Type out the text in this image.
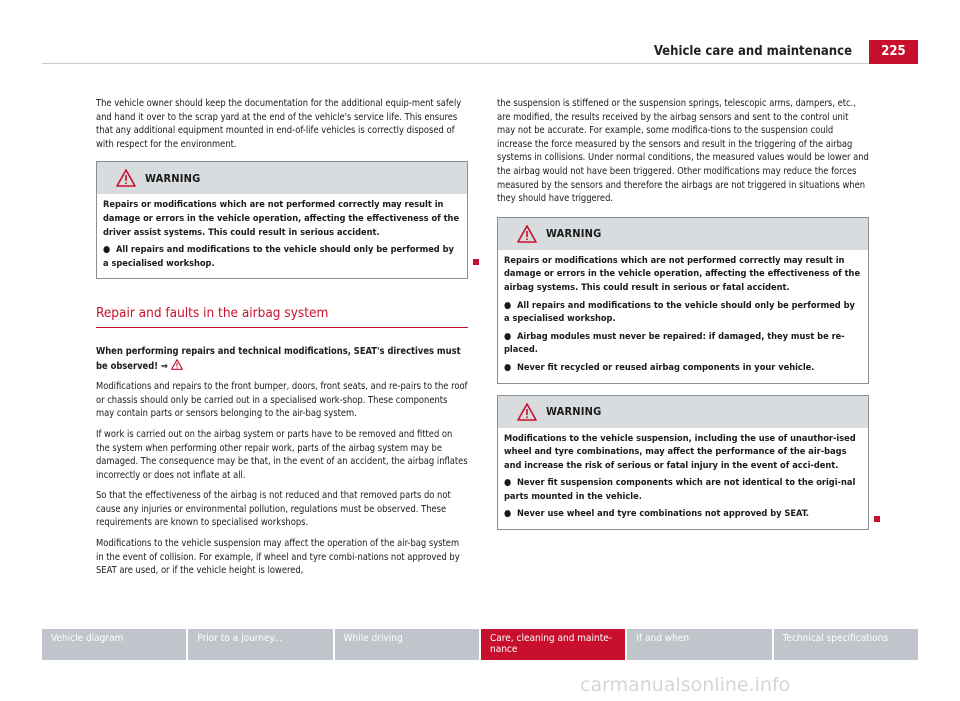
Vehicle care and maintenance	225

The vehicle owner should keep the documentation for the additional equip-ment safely and hand it over to the scrap yard at the end of the vehicle's service life. This ensures that any additional equipment mounted in end-of-life vehicles is correctly disposed of with respect for the environment.

WARNING
Repairs or modifications which are not performed correctly may result in damage or errors in the vehicle operation, affecting the effectiveness of the driver assist systems. This could result in serious accident.
●  All repairs and modifications to the vehicle should only be performed by a specialised workshop.
Repair and faults in the airbag system

When performing repairs and technical modifications, SEAT's directives must be observed! ⇒

Modifications and repairs to the front bumper, doors, front seats, and re-pairs to the roof or chassis should only be carried out in a specialised work-shop. These components may contain parts or sensors belonging to the air-bag system.

If work is carried out on the airbag system or parts have to be removed and fitted on the system when performing other repair work, parts of the airbag system may be damaged. The consequence may be that, in the event of an accident, the airbag inflates incorrectly or does not inflate at all.

So that the effectiveness of the airbag is not reduced and that removed parts do not cause any injuries or environmental pollution, regulations must be observed. These requirements are known to specialised workshops.

Modifications to the vehicle suspension may affect the operation of the air-bag system in the event of collision. For example, if wheel and tyre combi-nations not approved by SEAT are used, or if the vehicle height is lowered,

the suspension is stiffened or the suspension springs, telescopic arms, dampers, etc., are modified, the results received by the airbag sensors and sent to the control unit may not be accurate. For example, some modifica-tions to the suspension could increase the force measured by the sensors and result in the triggering of the airbag systems in collisions. Under normal conditions, the measured values would be lower and the airbag would not have been triggered. Other modifications may reduce the forces measured by the sensors and therefore the airbags are not triggered in situations when they should have triggered.

WARNING
Repairs or modifications which are not performed correctly may result in damage or errors in the vehicle operation, affecting the effectiveness of the airbag systems. This could result in serious or fatal accident.
●  All repairs and modifications to the vehicle should only be performed by a specialised workshop.
●  Airbag modules must never be repaired: if damaged, they must be re-placed.
●  Never fit recycled or reused airbag components in your vehicle.
WARNING
Modifications to the vehicle suspension, including the use of unauthor-ised wheel and tyre combinations, may affect the performance of the air-bags and increase the risk of serious or fatal injury in the event of acci-dent.
●  Never fit suspension components which are not identical to the origi-nal parts mounted in the vehicle.
●  Never use wheel and tyre combinations not approved by SEAT.
Vehicle diagram	Prior to a journey...	While driving	Care, cleaning and mainte-nance
If and when	Technical specifications
carmanualsonline.info
